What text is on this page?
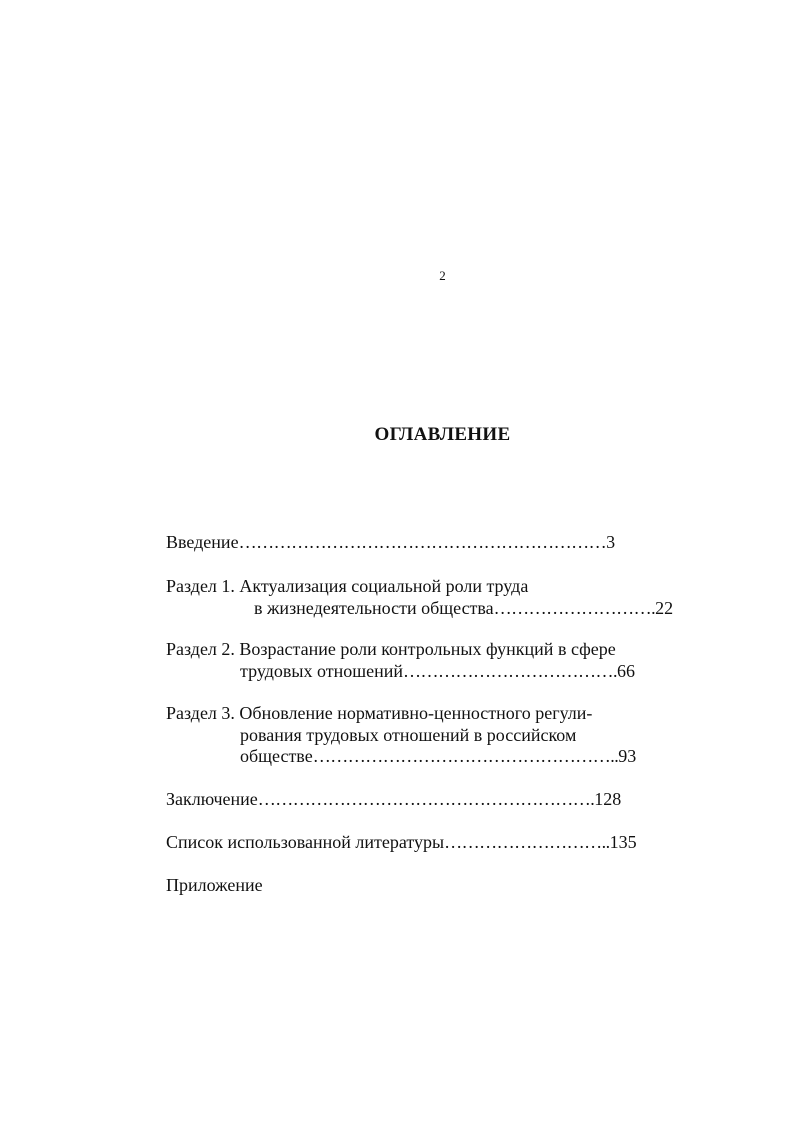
2
ОГЛАВЛЕНИЕ
Введение………………………………………………………3
Раздел 1. Актуализация социальной роли труда
в жизнедеятельности общества……………………….22
Раздел 2. Возрастание роли контрольных функций в сфере
трудовых отношений……………………………….66
Раздел 3. Обновление нормативно-ценностного регули-
рования трудовых отношений в российском
обществе……………………………………………..93
Заключение………………………………………………….128
Список использованной литературы………………………..135
Приложение
